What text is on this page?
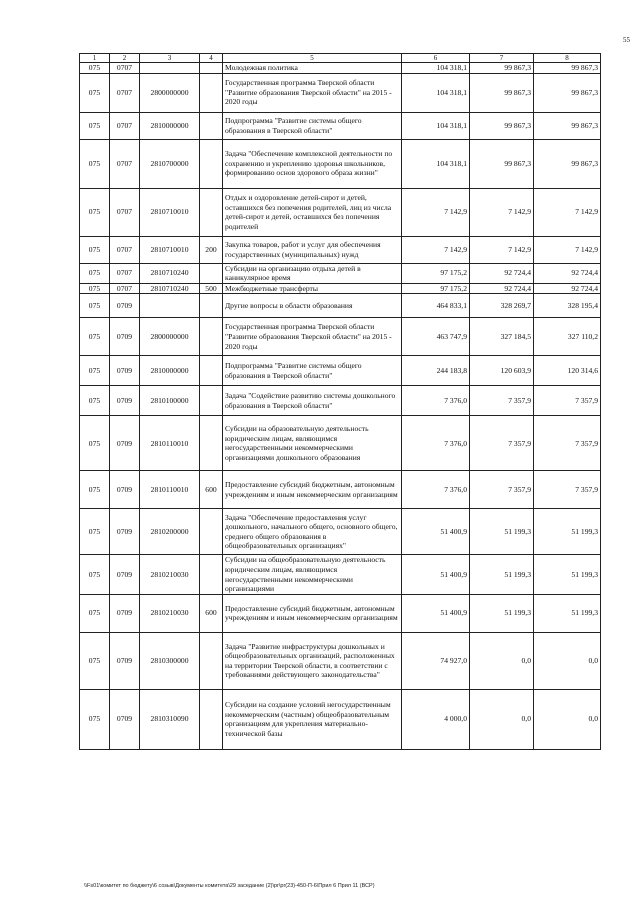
55
1	2	3	4	5	6	7	8
075	0707			Молодежная политика	104 318,1	99 867,3	99 867,3
075	0707	2800000000		Государственная программа Тверской области "Развитие образования Тверской области" на 2015 - 2020 годы	104 318,1	99 867,3	99 867,3
075	0707	2810000000		Подпрограмма "Развитие системы общего образования в Тверской области"	104 318,1	99 867,3	99 867,3
075	0707	2810700000		Задача "Обеспечение комплексной деятельности по сохранению и укреплению здоровья школьников, формированию основ здорового образа жизни"	104 318,1	99 867,3	99 867,3
075	0707	2810710010		Отдых и оздоровление детей-сирот и детей, оставшихся без попечения родителей, лиц из числа детей-сирот и детей, оставшихся без попечения родителей	7 142,9	7 142,9	7 142,9
075	0707	2810710010	200	Закупка товаров, работ и услуг для обеспечения государственных (муниципальных) нужд	7 142,9	7 142,9	7 142,9
075	0707	2810710240		Субсидии на организацию отдыха детей в каникулярное время	97 175,2	92 724,4	92 724,4
075	0707	2810710240	500	Межбюджетные трансферты	97 175,2	92 724,4	92 724,4
075	0709			Другие вопросы в области образования	464 833,1	328 269,7	328 195,4
075	0709	2800000000		Государственная программа Тверской области "Развитие образования Тверской области" на 2015 - 2020 годы	463 747,9	327 184,5	327 110,2
075	0709	2810000000		Подпрограмма "Развитие системы общего образования в Тверской области"	244 183,8	120 603,9	120 314,6
075	0709	2810100000		Задача "Содействие развитию системы дошкольного образования в Тверской области"	7 376,0	7 357,9	7 357,9
075	0709	2810110010		Субсидии на образовательную деятельность юридическим лицам, являющимся негосударственными некоммерческими организациями дошкольного образования	7 376,0	7 357,9	7 357,9
075	0709	2810110010	600	Предоставление субсидий бюджетным, автономным учреждениям и иным некоммерческим организациям	7 376,0	7 357,9	7 357,9
075	0709	2810200000		Задача "Обеспечение предоставления услуг дошкольного, начального общего, основного общего, среднего общего образования в общеобразовательных организациях"	51 400,9	51 199,3	51 199,3
075	0709	2810210030		Субсидии на общеобразовательную деятельность юридическим лицам, являющимся негосударственными некоммерческими организациями	51 400,9	51 199,3	51 199,3
075	0709	2810210030	600	Предоставление субсидий бюджетным, автономным учреждениям и иным некоммерческим организациям	51 400,9	51 199,3	51 199,3
075	0709	2810300000		Задача "Развитие инфраструктуры дошкольных и общеобразовательных организаций, расположенных на территории Тверской области, в соответствии с требованиями действующего законодательства"	74 927,0	0,0	0,0
075	0709	2810310090		Субсидии на создание условий негосударственным некоммерческим (частным) общеобразовательным организациям для укрепления материально-технической базы	4 000,0	0,0	0,0
\\Fs01\комитет по бюджету\6 созыв\Документы комитета\29 заседание (2)\pr\pr(23)-450-П-6\Прил 6 Прил 11 (ВСР)
